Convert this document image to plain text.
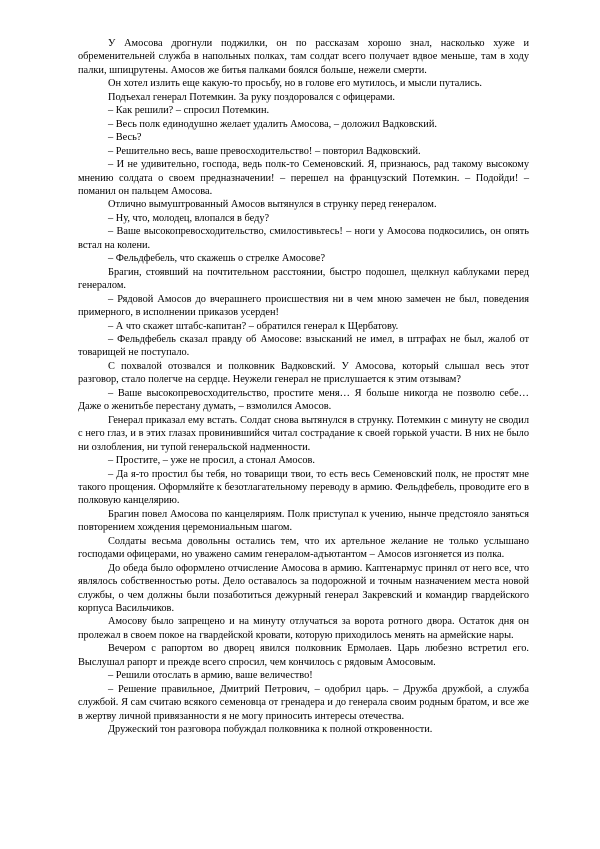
У Амосова дрогнули поджилки, он по рассказам хорошо знал, насколько хуже и обременительней служба в напольных полках, там солдат всего получает вдвое меньше, там в ходу палки, шпицрутены. Амосов же битья палками боялся больше, нежели смерти.

Он хотел излить еще какую-то просьбу, но в голове его мутилось, и мысли путались.

Подъехал генерал Потемкин. За руку поздоровался с офицерами.

– Как решили? – спросил Потемкин.

– Весь полк единодушно желает удалить Амосова, – доложил Вадковский.

– Весь?

– Решительно весь, ваше превосходительство! – повторил Вадковский.

– И не удивительно, господа, ведь полк-то Семеновский. Я, признаюсь, рад такому высокому мнению солдата о своем предназначении! – перешел на французский Потемкин. – Подойди! – поманил он пальцем Амосова.

Отлично вымуштрованный Амосов вытянулся в струнку перед генералом.

– Ну, что, молодец, влопался в беду?

– Ваше высокопревосходительство, смилостивьтесь! – ноги у Амосова подкосились, он опять встал на колени.

– Фельдфебель, что скажешь о стрелке Амосове?

Брагин, стоявший на почтительном расстоянии, быстро подошел, щелкнул каблуками перед генералом.

– Рядовой Амосов до вчерашнего происшествия ни в чем мною замечен не был, поведения примерного, в исполнении приказов усерден!

– А что скажет штабс-капитан? – обратился генерал к Щербатову.

– Фельдфебель сказал правду об Амосове: взысканий не имел, в штрафах не был, жалоб от товарищей не поступало.

С похвалой отозвался и полковник Вадковский. У Амосова, который слышал весь этот разговор, стало полегче на сердце. Неужели генерал не прислушается к этим отзывам?

– Ваше высокопревосходительство, простите меня… Я больше никогда не позволю себе… Даже о женитьбе перестану думать, – взмолился Амосов.

Генерал приказал ему встать. Солдат снова вытянулся в струнку. Потемкин с минуту не сводил с него глаз, и в этих глазах провинившийся читал сострадание к своей горькой участи. В них не было ни озлобления, ни тупой генеральской надменности.

– Простите, – уже не просил, а стонал Амосов.

– Да я-то простил бы тебя, но товарищи твои, то есть весь Семеновский полк, не простят мне такого прощения. Оформляйте к безотлагательному переводу в армию. Фельдфебель, проводите его в полковую канцелярию.

Брагин повел Амосова по канцеляриям. Полк приступал к учению, нынче предстояло заняться повторением хождения церемониальным шагом.

Солдаты весьма довольны остались тем, что их артельное желание не только услышано господами офицерами, но уважено самим генералом-адъютантом – Амосов изгоняется из полка.

До обеда было оформлено отчисление Амосова в армию. Каптенармус принял от него все, что являлось собственностью роты. Дело оставалось за подорожной и точным назначением места новой службы, о чем должны были позаботиться дежурный генерал Закревский и командир гвардейского корпуса Васильчиков.

Амосову было запрещено и на минуту отлучаться за ворота ротного двора. Остаток дня он пролежал в своем покое на гвардейской кровати, которую приходилось менять на армейские нары.

Вечером с рапортом во дворец явился полковник Ермолаев. Царь любезно встретил его. Выслушал рапорт и прежде всего спросил, чем кончилось с рядовым Амосовым.

– Решили отослать в армию, ваше величество!

– Решение правильное, Дмитрий Петрович, – одобрил царь. – Дружба дружбой, а служба службой. Я сам считаю всякого семеновца от гренадера и до генерала своим родным братом, и все же в жертву личной привязанности я не могу приносить интересы отечества.

Дружеский тон разговора побуждал полковника к полной откровенности.
